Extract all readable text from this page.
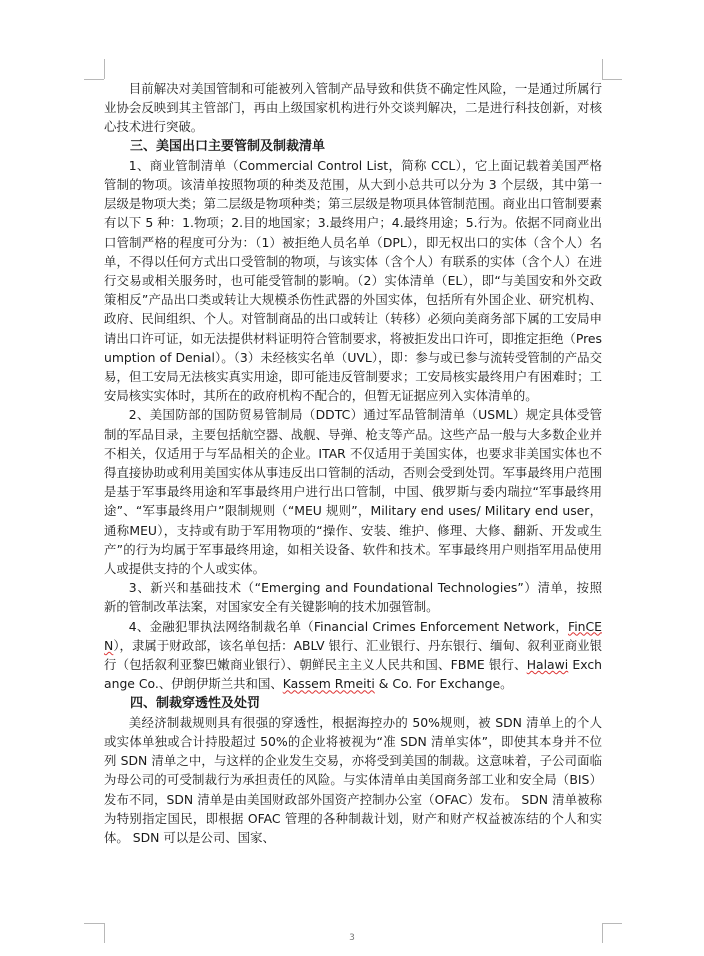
目前解决对美国管制和可能被列入管制产品导致和供货不确定性风险，一是通过所属行业协会反映到其主管部门，再由上级国家机构进行外交谈判解决，二是进行科技创新，对核心技术进行突破。

三、美国出口主要管制及制裁清单

1、商业管制清单（Commercial Control List，简称 CCL），它上面记载着美国严格管制的物项。该清单按照物项的种类及范围，从大到小总共可以分为 3 个层级，其中第一层级是物项大类；第二层级是物项种类；第三层级是物项具体管制范围。商业出口管制要素有以下 5 种：1.物项；2.目的地国家；3.最终用户；4.最终用途；5.行为。依据不同商业出口管制严格的程度可分为：（1）被拒绝人员名单（DPL），即无权出口的实体（含个人）名单，不得以任何方式出口受管制的物项，与该实体（含个人）有联系的实体（含个人）在进行交易或相关服务时，也可能受管制的影响。（2）实体清单（EL），即“与美国安和外交政策相反”产品出口类或转让大规模杀伤性武器的外国实体，包括所有外国企业、研究机构、政府、民间组织、个人。对管制商品的出口或转让（转移）必须向美商务部下属的工安局申请出口许可证，如无法提供材料证明符合管制要求，将被拒发出口许可，即推定拒绝（Presumption of Denial）。（3）未经核实名单（UVL），即：参与或已参与流转受管制的产品交易，但工安局无法核实真实用途，即可能违反管制要求；工安局核实最终用户有困难时；工安局核实实体时，其所在的政府机构不配合的，但暂无证据应列入实体清单的。

2、美国防部的国防贸易管制局（DDTC）通过军品管制清单（USML）规定具体受管制的军品目录，主要包括航空器、战舰、导弹、枪支等产品。这些产品一般与大多数企业并不相关，仅适用于与军品相关的企业。ITAR 不仅适用于美国实体，也要求非美国实体也不得直接协助或利用美国实体从事违反出口管制的活动，否则会受到处罚。军事最终用户范围是基于军事最终用途和军事最终用户进行出口管制，中国、俄罗斯与委内瑞拉“军事最终用途”、“军事最终用户”限制规则（“MEU 规则”，Military end uses/ Military end user，通称MEU），支持或有助于军用物项的“操作、安装、维护、修理、大修、翻新、开发或生产”的行为均属于军事最终用途，如相关设备、软件和技术。军事最终用户则指军用品使用人或提供支持的个人或实体。

3、新兴和基础技术（“Emerging and Foundational Technologies”）清单，按照新的管制改革法案，对国家安全有关键影响的技术加强管制。

4、金融犯罪执法网络制裁名单（Financial Crimes Enforcement Network，FinCEN），隶属于财政部，该名单包括：ABLV 银行、汇业银行、丹东银行、缅甸、叙利亚商业银行（包括叙利亚黎巴嫩商业银行）、朝鲜民主主义人民共和国、FBME 银行、Halawi Exchange Co.、伊朗伊斯兰共和国、Kassem Rmeiti & Co. For Exchange。

四、制裁穿透性及处罚

美经济制裁规则具有很强的穿透性，根据海控办的 50%规则，被 SDN 清单上的个人或实体单独或合计持股超过 50%的企业将被视为“准 SDN 清单实体”，即使其本身并不位列 SDN 清单之中，与这样的企业发生交易，亦将受到美国的制裁。这意味着，子公司面临为母公司的可受制裁行为承担责任的风险。与实体清单由美国商务部工业和安全局（BIS）发布不同，SDN 清单是由美国财政部外国资产控制办公室（OFAC）发布。 SDN 清单被称为特别指定国民，即根据 OFAC 管理的各种制裁计划，财产和财产权益被冻结的个人和实体。 SDN 可以是公司、国家、

3
